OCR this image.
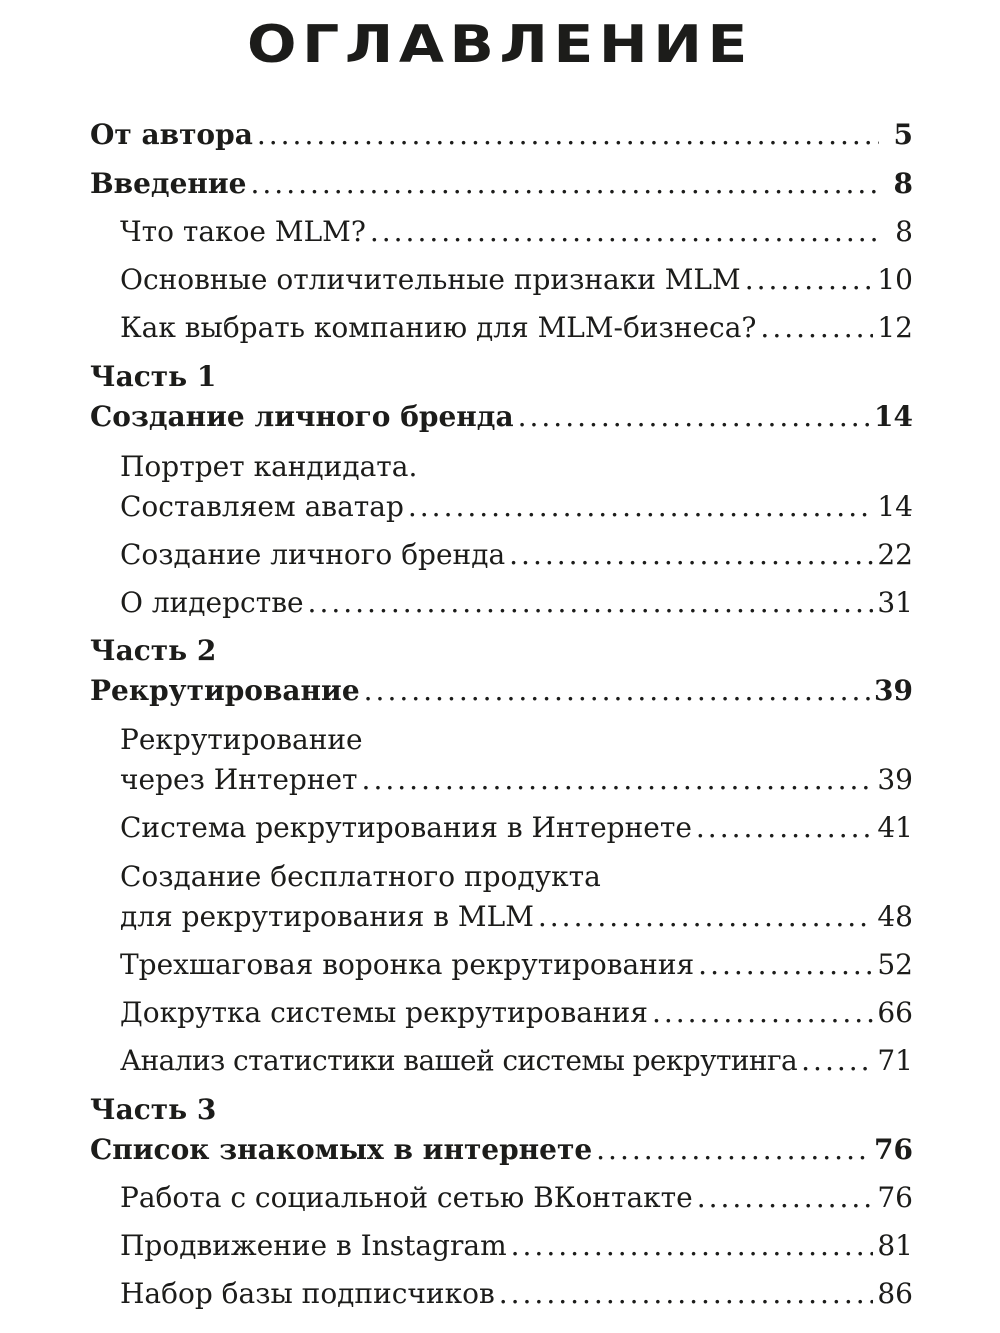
ОГЛАВЛЕНИЕ
От автора .....	5
Введение .....	8
Что такое MLM? .....	8
Основные отличительные признаки MLM .....	10
Как выбрать компанию для MLM-бизнеса? .....	12
Часть 1
Создание личного бренда .....	14
Портрет кандидата.
Составляем аватар .....	14
Создание личного бренда .....	22
О лидерстве .....	31
Часть 2
Рекрутирование .....	39
Рекрутирование
через Интернет .....	39
Система рекрутирования в Интернете .....	41
Создание бесплатного продукта
для рекрутирования в MLM .....	48
Трехшаговая воронка рекрутирования .....	52
Докрутка системы рекрутирования .....	66
Анализ статистики вашей системы рекрутинга .....	71
Часть 3
Список знакомых в интернете .....	76
Работа с социальной сетью ВКонтакте .....	76
Продвижение в Instagram .....	81
Набор базы подписчиков .....	86
